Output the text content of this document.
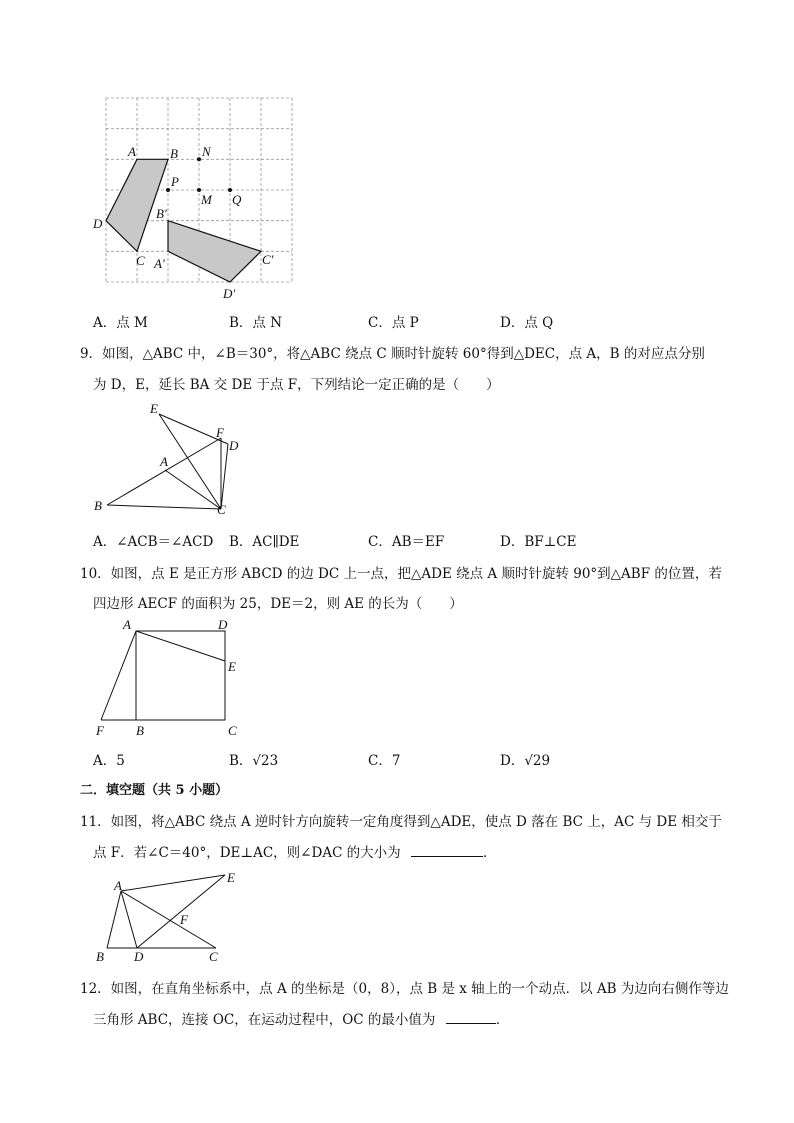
A	B N
P
M Q
B′
D
C A′	C′
D′
A．点 M	B．点 N	C．点 P	D．点 Q
9．如图，△ABC 中，∠B＝30°，将△ABC 绕点 C 顺时针旋转 60°得到△DEC，点 A，B 的对应点分别
为 D，E，延长 BA 交 DE 于点 F，下列结论一定正确的是（　　）
E
F
D
A
B	C
A．∠ACB＝∠ACD B．AC∥DE	C．AB＝EF	D．BF⊥CE
10．如图，点 E 是正方形 ABCD 的边 DC 上一点，把△ADE 绕点 A 顺时针旋转 90°到△ABF 的位置，若
四边形 AECF 的面积为 25，DE＝2，则 AE 的长为（　　）
A	D
E
F B	C
A．5	B．√23	C．7	D．√29
二．填空题（共 5 小题）
11．如图，将△ABC 绕点 A 逆时针方向旋转一定角度得到△ADE，使点 D 落在 BC 上，AC 与 DE 相交于
点 F．若∠C＝40°，DE⊥AC，则∠DAC 的大小为	．
A
E
F
B D	C
12．如图，在直角坐标系中，点 A 的坐标是（0，8），点 B 是 x 轴上的一个动点．以 AB 为边向右侧作等边
三角形 ABC，连接 OC，在运动过程中，OC 的最小值为	．
